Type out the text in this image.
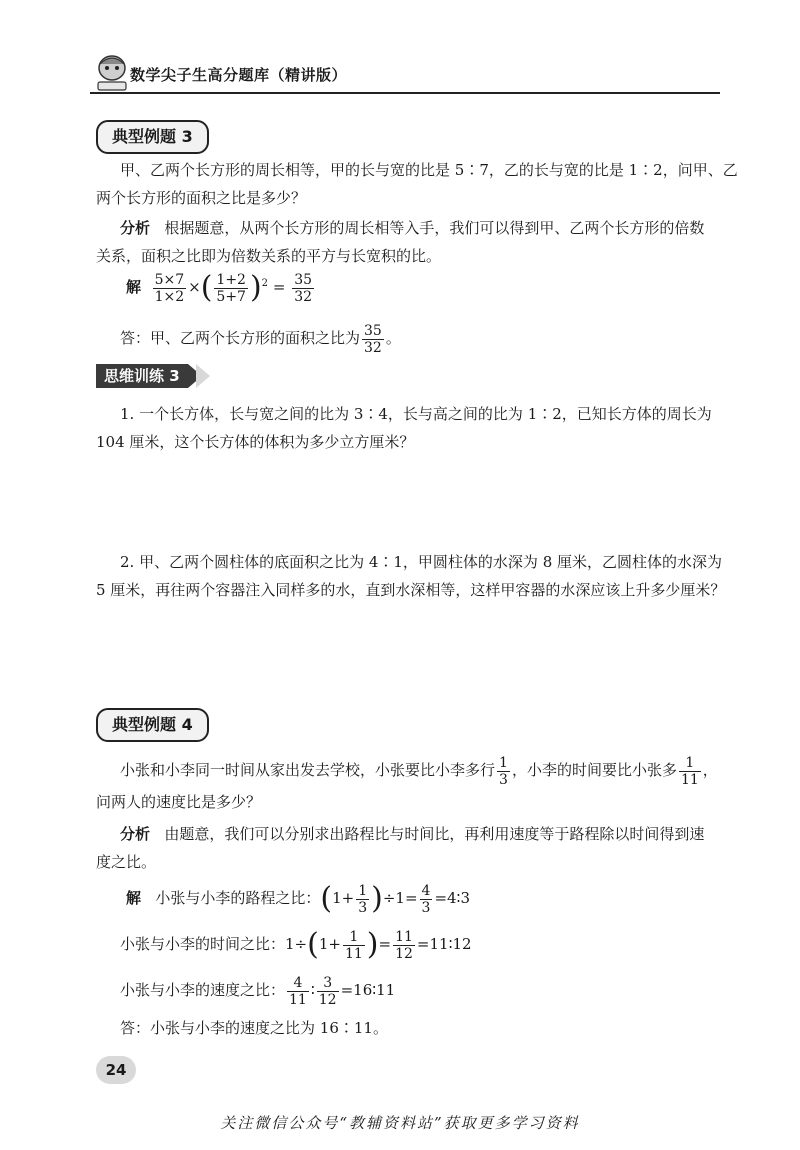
数学尖子生高分题库（精讲版）
典型例题 3
甲、乙两个长方形的周长相等，甲的长与宽的比是 5∶7，乙的长与宽的比是 1∶2，问甲、乙
两个长方形的面积之比是多少？
分析 根据题意，从两个长方形的周长相等入手，我们可以得到甲、乙两个长方形的倍数
关系，面积之比即为倍数关系的平方与长宽积的比。
解 $\frac{5\times 7}{1\times 2}$ ×( $\frac{1+2}{5+7} )^2 = \frac{35}{32}$
答：甲、乙两个长方形的面积之比为 $\frac{35}{32}$ 。
思维训练 3
1. 一个长方体，长与宽之间的比为 3∶4，长与高之间的比为 1∶2，已知长方体的周长为
104 厘米，这个长方体的体积为多少立方厘米？
2. 甲、乙两个圆柱体的底面积之比为 4∶1，甲圆柱体的水深为 8 厘米，乙圆柱体的水深为
5 厘米，再往两个容器注入同样多的水，直到水深相等，这样甲容器的水深应该上升多少厘米？
典型例题 4
小张和小李同一时间从家出发去学校，小张要比小李多行 $\frac{1}{3}$ ，小李的时间要比小张多 $\frac{1}{11}$ ，
问两人的速度比是多少？
分析 由题意，我们可以分别求出路程比与时间比，再利用速度等于路程除以时间得到速
度之比。
解 小张与小李的路程之比：$(1+ \frac{1}{3} )\div 1= \frac{4}{3}$ =4∶3
小张与小李的时间之比：$1\div(1+ \frac{1}{11}$ )= $\frac{11}{12}$ =11∶12
小张与小李的速度之比： $\frac{4}{11}$ ∶ $\frac{3}{12}$ =16∶11
答：小张与小李的速度之比为 16∶11。
24
关注微信公众号“教辅资料站”获取更多学习资料
